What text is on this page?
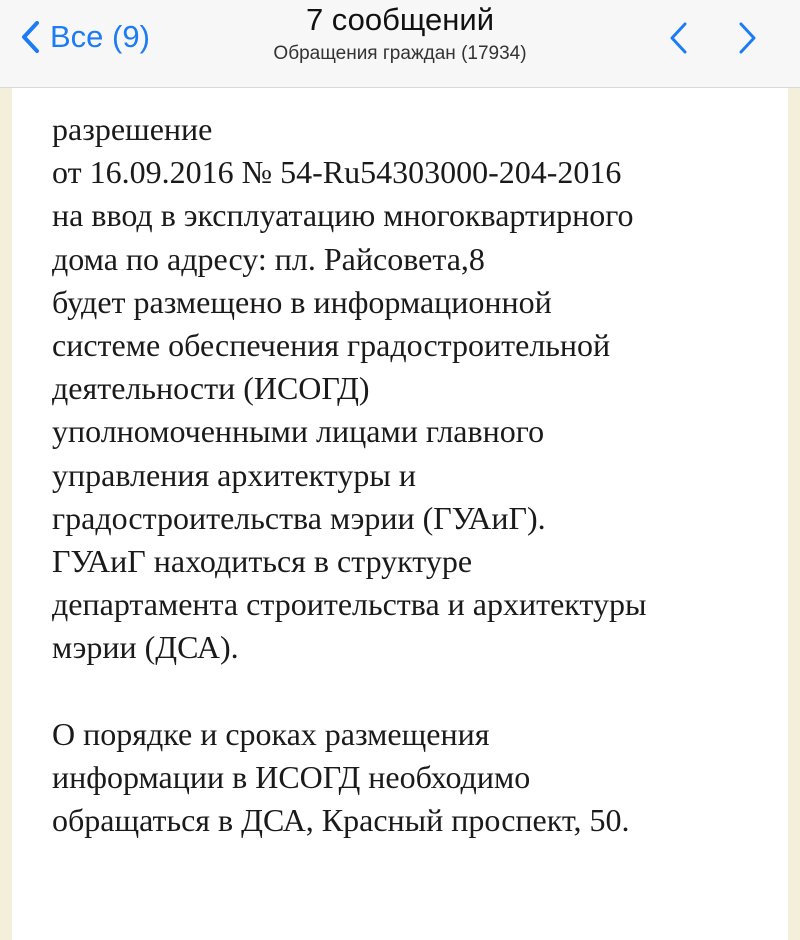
Все (9)	7 сообщений
Обращения граждан (17934)
разрешение
от 16.09.2016 № 54-Ru54303000-204-2016
на ввод в эксплуатацию многоквартирного
дома по адресу: пл. Райсовета,8
будет размещено в информационной
системе обеспечения градостроительной
деятельности (ИСОГД)
уполномоченными лицами главного
управления архитектуры и
градостроительства мэрии (ГУАиГ).
ГУАиГ находиться в структуре
департамента строительства и архитектуры
мэрии (ДСА).
О порядке и сроках размещения
информации в ИСОГД необходимо
обращаться в ДСА, Красный проспект, 50.
